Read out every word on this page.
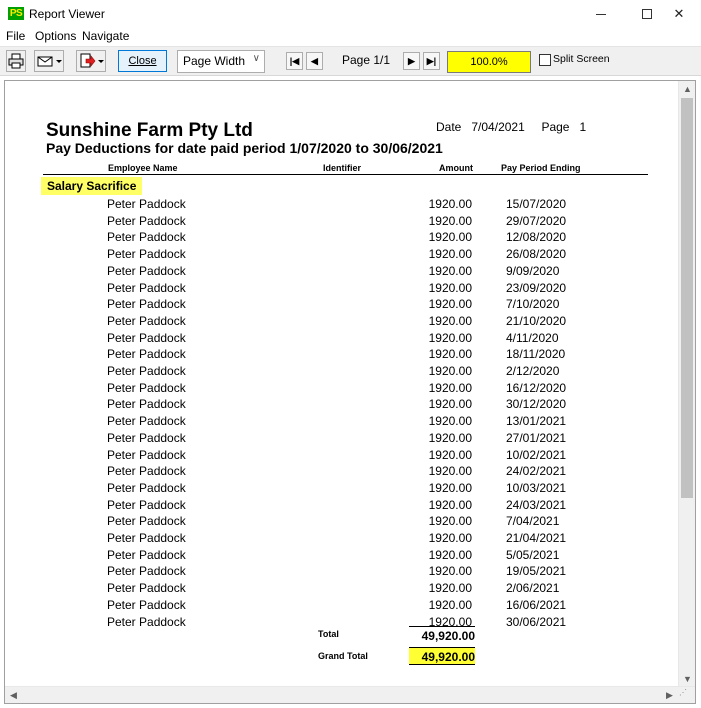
PS Report Viewer	✕
File Options Navigate
Close	Page Width ∨	|◀	◀	Page 1/1	▶	▶|	100.0%	Split Screen
Sunshine Farm Pty Ltd
Pay Deductions for date paid period 1/07/2020 to 30/06/2021
Date 7/04/2021 Page 1
Employee Name	Identifier	Amount	Pay Period Ending
Salary Sacrifice
Peter Paddock	1920.00	15/07/2020
Peter Paddock	1920.00	29/07/2020
Peter Paddock	1920.00	12/08/2020
Peter Paddock	1920.00	26/08/2020
Peter Paddock	1920.00	9/09/2020
Peter Paddock	1920.00	23/09/2020
Peter Paddock	1920.00	7/10/2020
Peter Paddock	1920.00	21/10/2020
Peter Paddock	1920.00	4/11/2020
Peter Paddock	1920.00	18/11/2020
Peter Paddock	1920.00	2/12/2020
Peter Paddock	1920.00	16/12/2020
Peter Paddock	1920.00	30/12/2020
Peter Paddock	1920.00	13/01/2021
Peter Paddock	1920.00	27/01/2021
Peter Paddock	1920.00	10/02/2021
Peter Paddock	1920.00	24/02/2021
Peter Paddock	1920.00	10/03/2021
Peter Paddock	1920.00	24/03/2021
Peter Paddock	1920.00	7/04/2021
Peter Paddock	1920.00	21/04/2021
Peter Paddock	1920.00	5/05/2021
Peter Paddock	1920.00	19/05/2021
Peter Paddock	1920.00	2/06/2021
Peter Paddock	1920.00	16/06/2021
Peter Paddock	1920.00	30/06/2021
Total	49,920.00
Grand Total	49,920.00
▲
▼
◀	▶ ⋰
